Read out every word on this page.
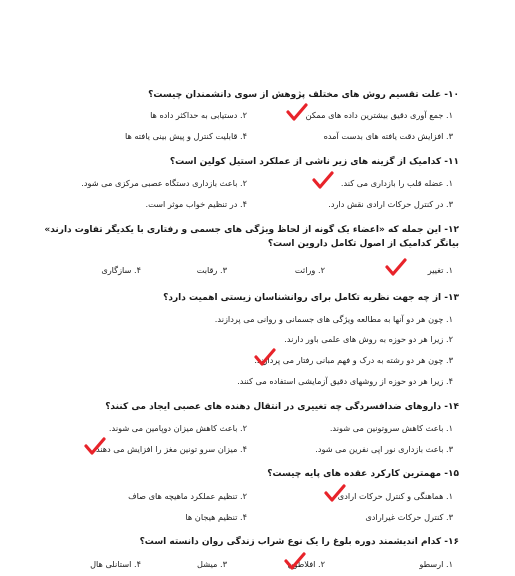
۱۰- علت تقسیم روش های مختلف پژوهش از سوی دانشمندان چیست؟
۱. جمع آوری دقیق بیشترین داده های ممکن
۲. دستیابی به حداکثر داده ها
۳. افزایش دقت یافته های بدست آمده
۴. قابلیت کنترل و پیش بینی یافته ها
۱۱- کدامیک از گزینه های زیر ناشی از عملکرد استیل کولین است؟
۱. عضله قلب را بازداری می کند.
۲. باعث بازداری دستگاه عصبی مرکزی می شود.
۳. در کنترل حرکات ارادی نقش دارد.
۴. در تنظیم خواب موثر است.
۱۲- این جمله که «اعضاء یک گونه از لحاظ ویژگی های جسمی و رفتاری با یکدیگر تفاوت دارند» بیانگر کدامیک از اصول تکامل داروین است؟
۱. تغییر
۲. وراثت
۳. رقابت
۴. سازگاری
۱۳- از چه جهت نظریه تکامل برای روانشناسان زیستی اهمیت دارد؟
۱. چون هر دو آنها به مطالعه ویژگی های جسمانی و روانی می پردازند.
۲. زیرا هر دو حوزه به روش های علمی باور دارند.
۳. چون هر دو رشته به درک و فهم مبانی رفتار می پردازند.
۴. زیرا هر دو حوزه از روشهای دقیق آزمایشی استفاده می کنند.
۱۴- داروهای ضدافسردگی چه تغییری در انتقال دهنده های عصبی ایجاد می کنند؟
۱. باعث کاهش سروتونین می شوند.
۲. باعث کاهش میزان دوپامین می شوند.
۳. باعث بازداری نور اپی نفرین می شود.
۴. میزان سرو تونین مغز را افزایش می دهند.
۱۵- مهمترین کارکرد عقده های پایه چیست؟
۱. هماهنگی و کنترل حرکات ارادی
۲. تنظیم عملکرد ماهیچه های صاف
۳. کنترل حرکات غیرارادی
۴. تنظیم هیجان ها
۱۶- کدام اندیشمند دوره بلوغ را یک نوع شراب زندگی روان دانسته است؟
۱. ارسطو
۲. افلاطون
۳. میشل
۴. استانلی هال
